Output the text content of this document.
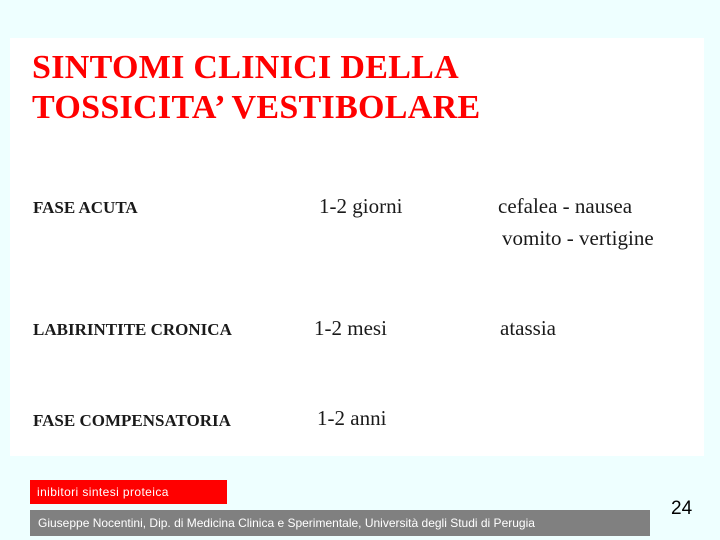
SINTOMI CLINICI DELLA
TOSSICITA’ VESTIBOLARE
FASE ACUTA	1-2 giorni	cefalea - nausea
vomito - vertigine
LABIRINTITE CRONICA	1-2 mesi	atassia
FASE COMPENSATORIA	1-2 anni
inibitori sintesi proteica
Giuseppe Nocentini, Dip. di Medicina Clinica e Sperimentale, Università degli Studi di Perugia
24
